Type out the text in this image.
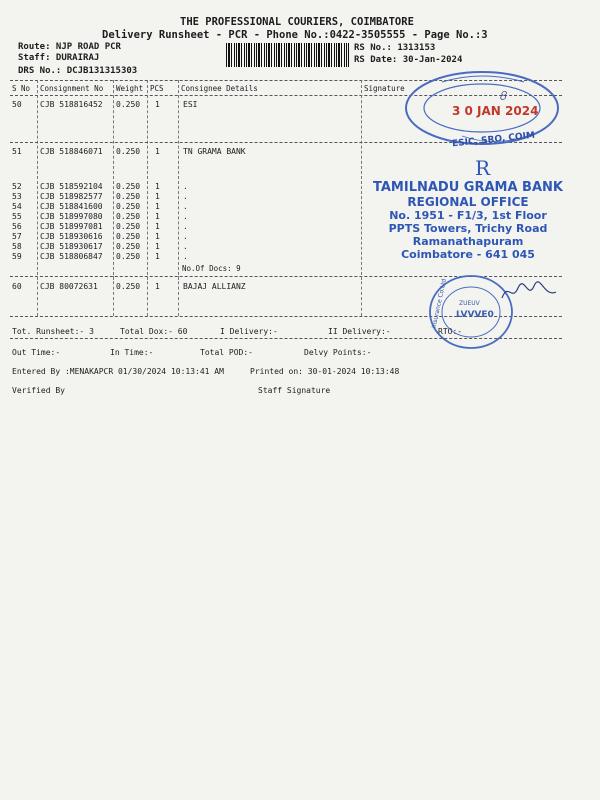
THE PROFESSIONAL COURIERS, COIMBATORE
Delivery Runsheet - PCR - Phone No.:0422-3505555 - Page No.:3
Route: NJP ROAD PCR
Staff: DURAIRAJ
DRS No.: DCJB131315303
RS No.: 1313153
RS Date: 30-Jan-2024
S No Consignment No Weight PCS Consignee Details	Signature
50 CJB 518816452 0.250 1	ESI
51 CJB 518846071 0.250 1	TN GRAMA BANK
52 CJB 518592104 0.250 1	.
53 CJB 518982577 0.250 1	.
54 CJB 518841600 0.250 1	.
55 CJB 518997080 0.250 1	.
56 CJB 518997081 0.250 1	.
57 CJB 518930616 0.250 1	.
58 CJB 518930617 0.250 1	.
59 CJB 518806847 0.250 1	.
No.Of Docs: 9
60 CJB 80072631 0.250 1	BAJAJ ALLIANZ
Tot. Runsheet:- 3	Total Dox:- 60	I Delivery:-	II Delivery:-	RTO:-
Out Time:-	In Time:-	Total POD:-	Delvy Points:-
Entered By :MENAKAPCR 01/30/2024 10:13:41 AM	Printed on: 30-01-2024 10:13:48
Verified By	Staff Signature
3 0 JAN 2024
ESIC, SRO, COIM
৪
R
TAMILNADU GRAMA BANK
REGIONAL OFFICE
No. 1951 - F1/3, 1st Floor
PPTS Towers, Trichy Road
Ramanathapuram
Coimbatore - 641 045
LVVVЕ0
ZUEUV
Insurance Co.Ltd
